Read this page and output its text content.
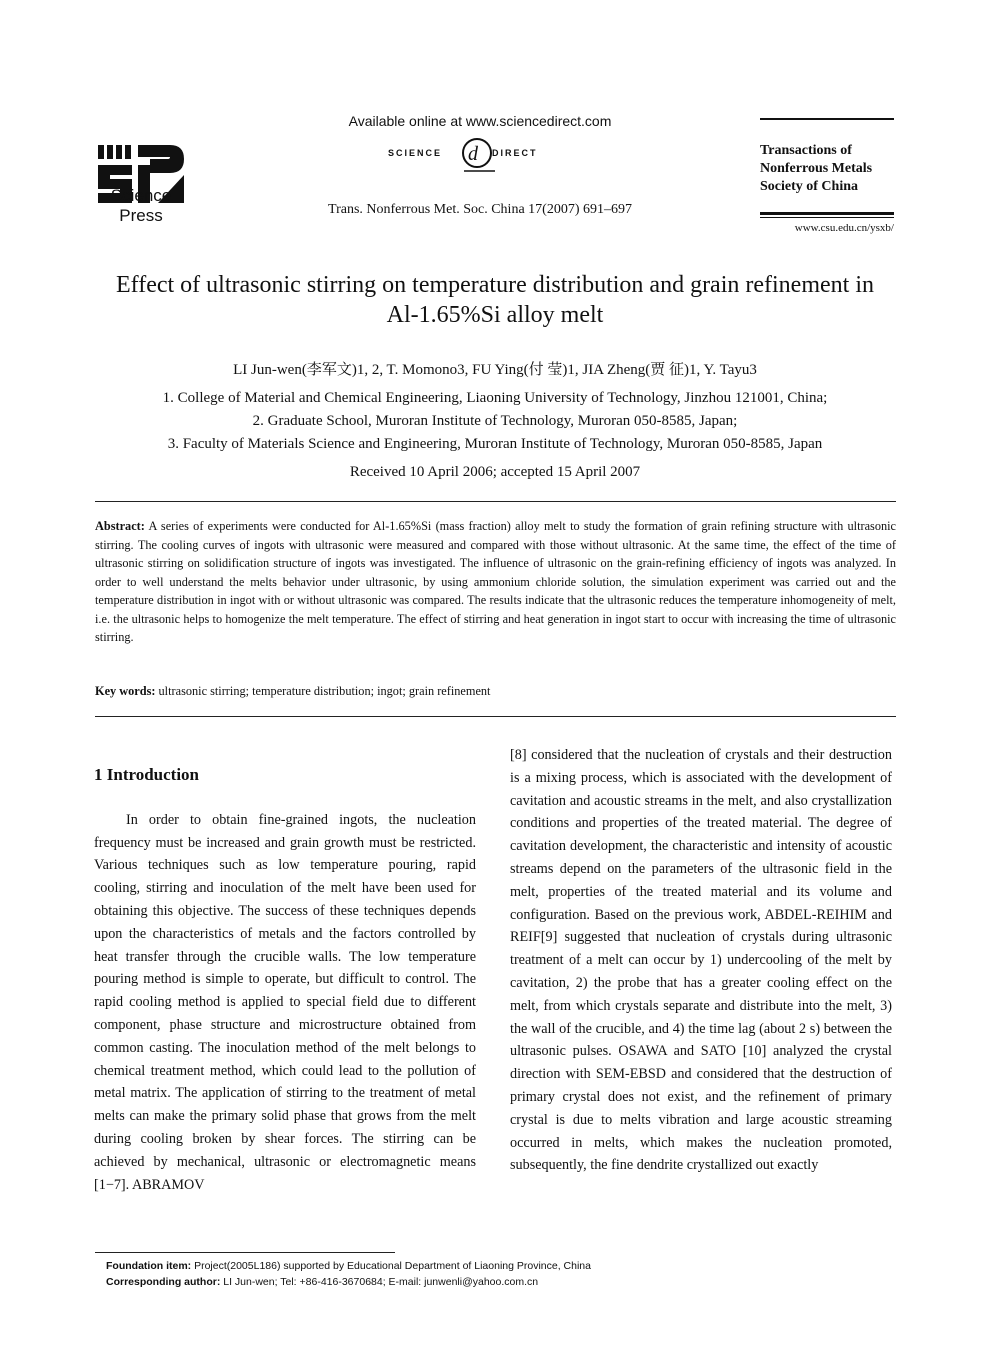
Science Press
Available online at www.sciencedirect.com
d
SCIENCE	DIRECT
Trans. Nonferrous Met. Soc. China 17(2007) 691–697
Transactions of
Nonferrous Metals
Society of China
www.csu.edu.cn/ysxb/
Effect of ultrasonic stirring on temperature distribution and grain refinement in
Al-1.65%Si alloy melt
LI Jun-wen(李军文)1, 2, T. Momono3, FU Ying(付 莹)1, JIA Zheng(贾 征)1, Y. Tayu3
1. College of Material and Chemical Engineering, Liaoning University of Technology, Jinzhou 121001, China;
2. Graduate School, Muroran Institute of Technology, Muroran 050-8585, Japan;
3. Faculty of Materials Science and Engineering, Muroran Institute of Technology, Muroran 050-8585, Japan
Received 10 April 2006; accepted 15 April 2007
Abstract: A series of experiments were conducted for Al-1.65%Si (mass fraction) alloy melt to study the formation of grain refining structure with ultrasonic stirring. The cooling curves of ingots with ultrasonic were measured and compared with those without ultrasonic. At the same time, the effect of the time of ultrasonic stirring on solidification structure of ingots was investigated. The influence of ultrasonic on the grain-refining efficiency of ingots was analyzed. In order to well understand the melts behavior under ultrasonic, by using ammonium chloride solution, the simulation experiment was carried out and the temperature distribution in ingot with or without ultrasonic was compared. The results indicate that the ultrasonic reduces the temperature inhomogeneity of melt, i.e. the ultrasonic helps to homogenize the melt temperature. The effect of stirring and heat generation in ingot start to occur with increasing the time of ultrasonic stirring.
Key words: ultrasonic stirring; temperature distribution; ingot; grain refinement
1 Introduction

In order to obtain fine-grained ingots, the nucleation frequency must be increased and grain growth must be restricted. Various techniques such as low temperature pouring, rapid cooling, stirring and inoculation of the melt have been used for obtaining this objective. The success of these techniques depends upon the characteristics of metals and the factors controlled by heat transfer through the crucible walls. The low temperature pouring method is simple to operate, but difficult to control. The rapid cooling method is applied to special field due to different component, phase structure and microstructure obtained from common casting. The inoculation method of the melt belongs to chemical treatment method, which could lead to the pollution of metal matrix. The application of stirring to the treatment of metal melts can make the primary solid phase that grows from the melt during cooling broken by shear forces. The stirring can be achieved by mechanical, ultrasonic or electromagnetic means [1−7]. ABRAMOV

[8] considered that the nucleation of crystals and their destruction is a mixing process, which is associated with the development of cavitation and acoustic streams in the melt, and also crystallization conditions and properties of the treated material. The degree of cavitation development, the characteristic and intensity of acoustic streams depend on the parameters of the ultrasonic field in the melt, properties of the treated material and its volume and configuration. Based on the previous work, ABDEL-REIHIM and REIF[9] suggested that nucleation of crystals during ultrasonic treatment of a melt can occur by 1) undercooling of the melt by cavitation, 2) the probe that has a greater cooling effect on the melt, from which crystals separate and distribute into the melt, 3) the wall of the crucible, and 4) the time lag (about 2 s) between the ultrasonic pulses. OSAWA and SATO [10] analyzed the crystal direction with SEM-EBSD and considered that the destruction of primary crystal does not exist, and the refinement of primary crystal is due to melts vibration and large acoustic streaming occurred in melts, which makes the nucleation promoted, subsequently, the fine dendrite crystallized out exactly

Foundation item: Project(2005L186) supported by Educational Department of Liaoning Province, China
Corresponding author: LI Jun-wen; Tel: +86-416-3670684; E-mail: junwenli@yahoo.com.cn
